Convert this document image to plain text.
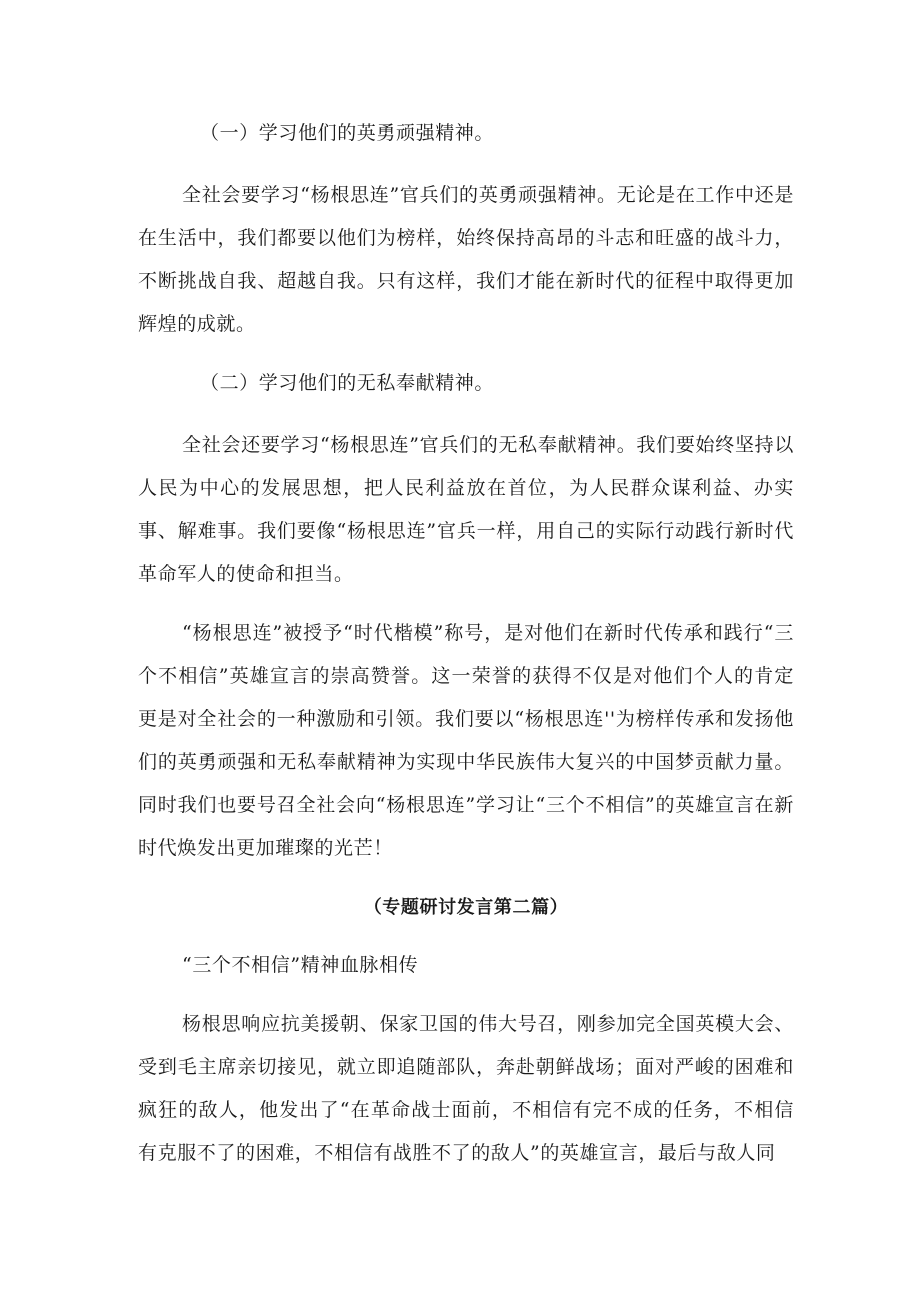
（一）学习他们的英勇顽强精神。

全社会要学习“杨根思连”官兵们的英勇顽强精神。无论是在工作中还是在生活中，我们都要以他们为榜样，始终保持高昂的斗志和旺盛的战斗力，不断挑战自我、超越自我。只有这样，我们才能在新时代的征程中取得更加辉煌的成就。

（二）学习他们的无私奉献精神。

全社会还要学习“杨根思连”官兵们的无私奉献精神。我们要始终坚持以人民为中心的发展思想，把人民利益放在首位，为人民群众谋利益、办实事、解难事。我们要像“杨根思连”官兵一样，用自己的实际行动践行新时代革命军人的使命和担当。

“杨根思连”被授予“时代楷模”称号，是对他们在新时代传承和践行“三个不相信”英雄宣言的崇高赞誉。这一荣誉的获得不仅是对他们个人的肯定更是对全社会的一种激励和引领。我们要以“杨根思连''为榜样传承和发扬他们的英勇顽强和无私奉献精神为实现中华民族伟大复兴的中国梦贡献力量。同时我们也要号召全社会向“杨根思连”学习让“三个不相信”的英雄宣言在新时代焕发出更加璀璨的光芒！

（专题研讨发言第二篇）

“三个不相信”精神血脉相传

杨根思响应抗美援朝、保家卫国的伟大号召，刚参加完全国英模大会、受到毛主席亲切接见，就立即追随部队，奔赴朝鲜战场；面对严峻的困难和疯狂的敌人，他发出了“在革命战士面前，不相信有完不成的任务，不相信有克服不了的困难，不相信有战胜不了的敌人”的英雄宣言，最后与敌人同
